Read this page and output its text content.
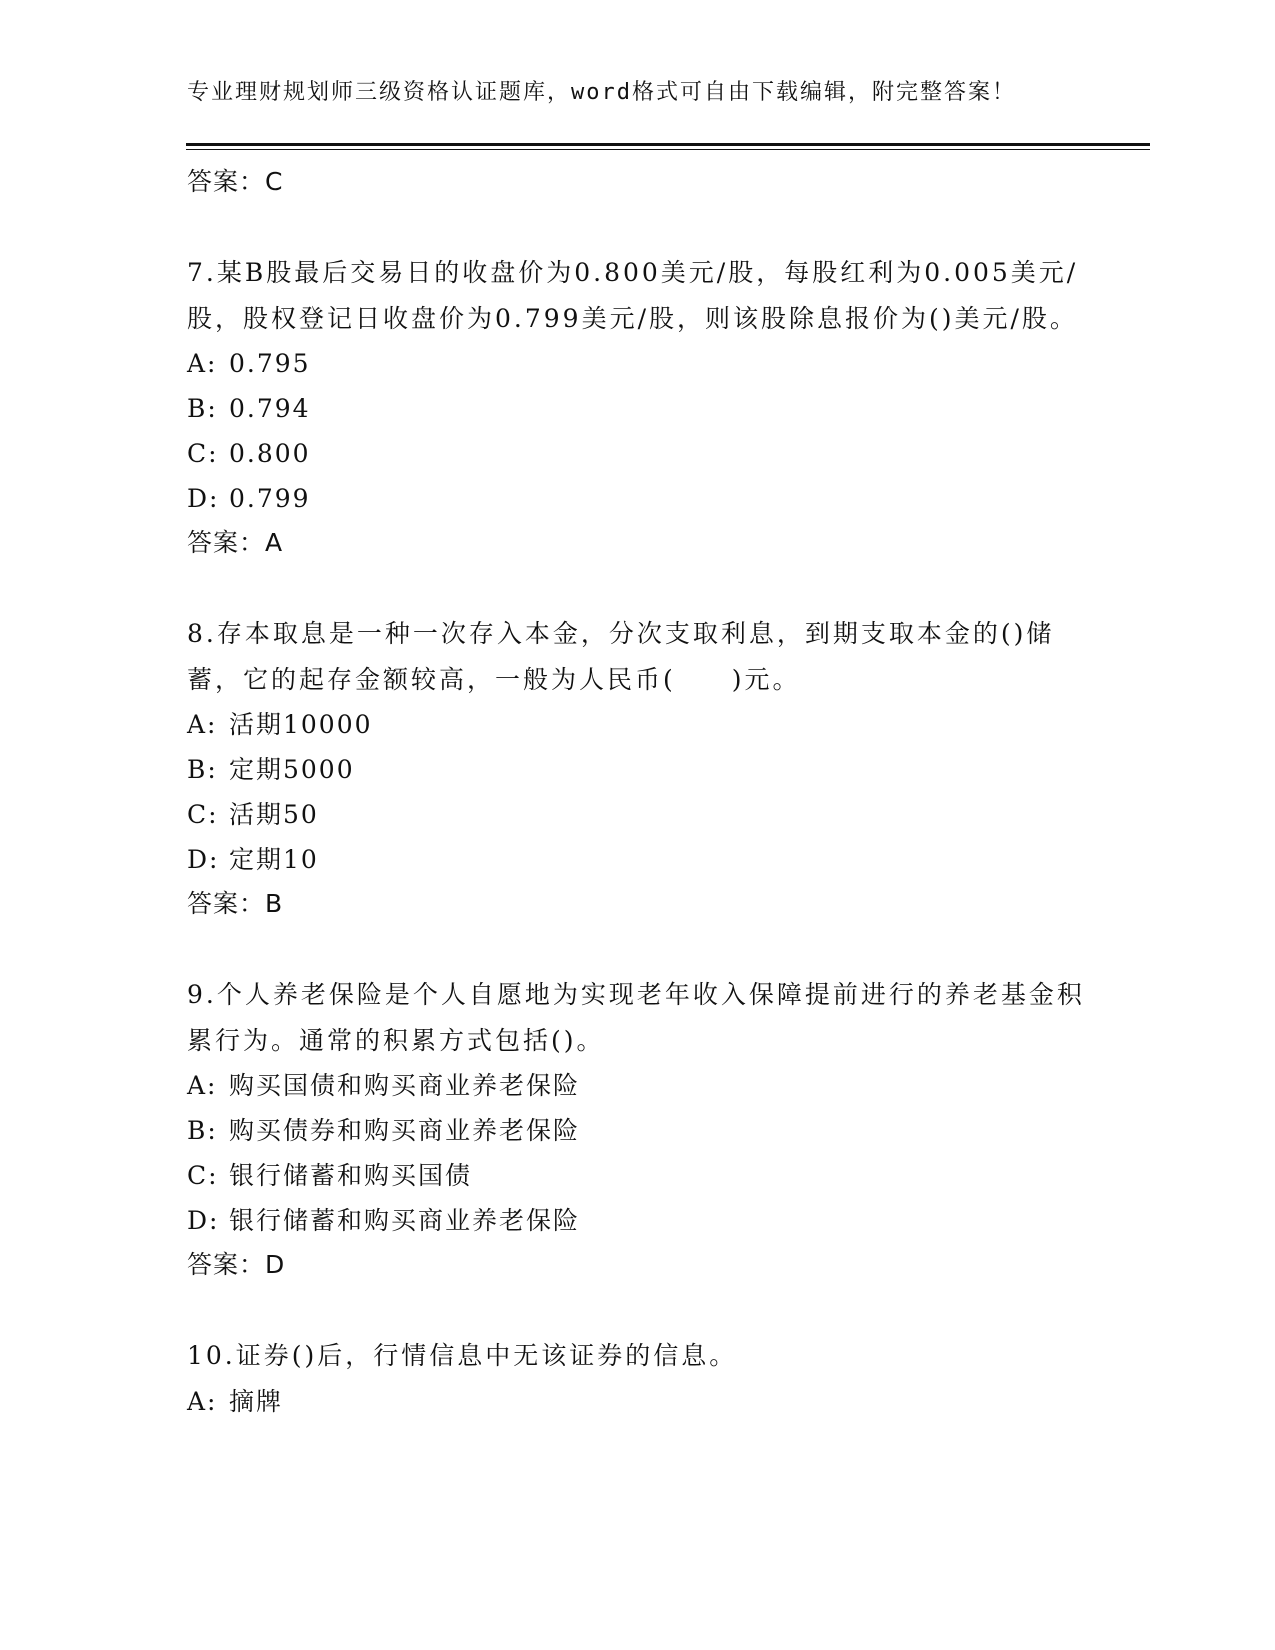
专业理财规划师三级资格认证题库，word格式可自由下载编辑，附完整答案！
答案：C
7.某B股最后交易日的收盘价为0.800美元/股，每股红利为0.005美元/股，股权登记日收盘价为0.799美元/股，则该股除息报价为()美元/股。
A: 0.795
B: 0.794
C: 0.800
D: 0.799
答案：A
8.存本取息是一种一次存入本金，分次支取利息，到期支取本金的()储蓄，它的起存金额较高，一般为人民币(　　)元。
A: 活期10000
B: 定期5000
C: 活期50
D: 定期10
答案：B
9.个人养老保险是个人自愿地为实现老年收入保障提前进行的养老基金积累行为。通常的积累方式包括()。
A: 购买国债和购买商业养老保险
B: 购买债券和购买商业养老保险
C: 银行储蓄和购买国债
D: 银行储蓄和购买商业养老保险
答案：D
10.证券()后，行情信息中无该证券的信息。
A: 摘牌
